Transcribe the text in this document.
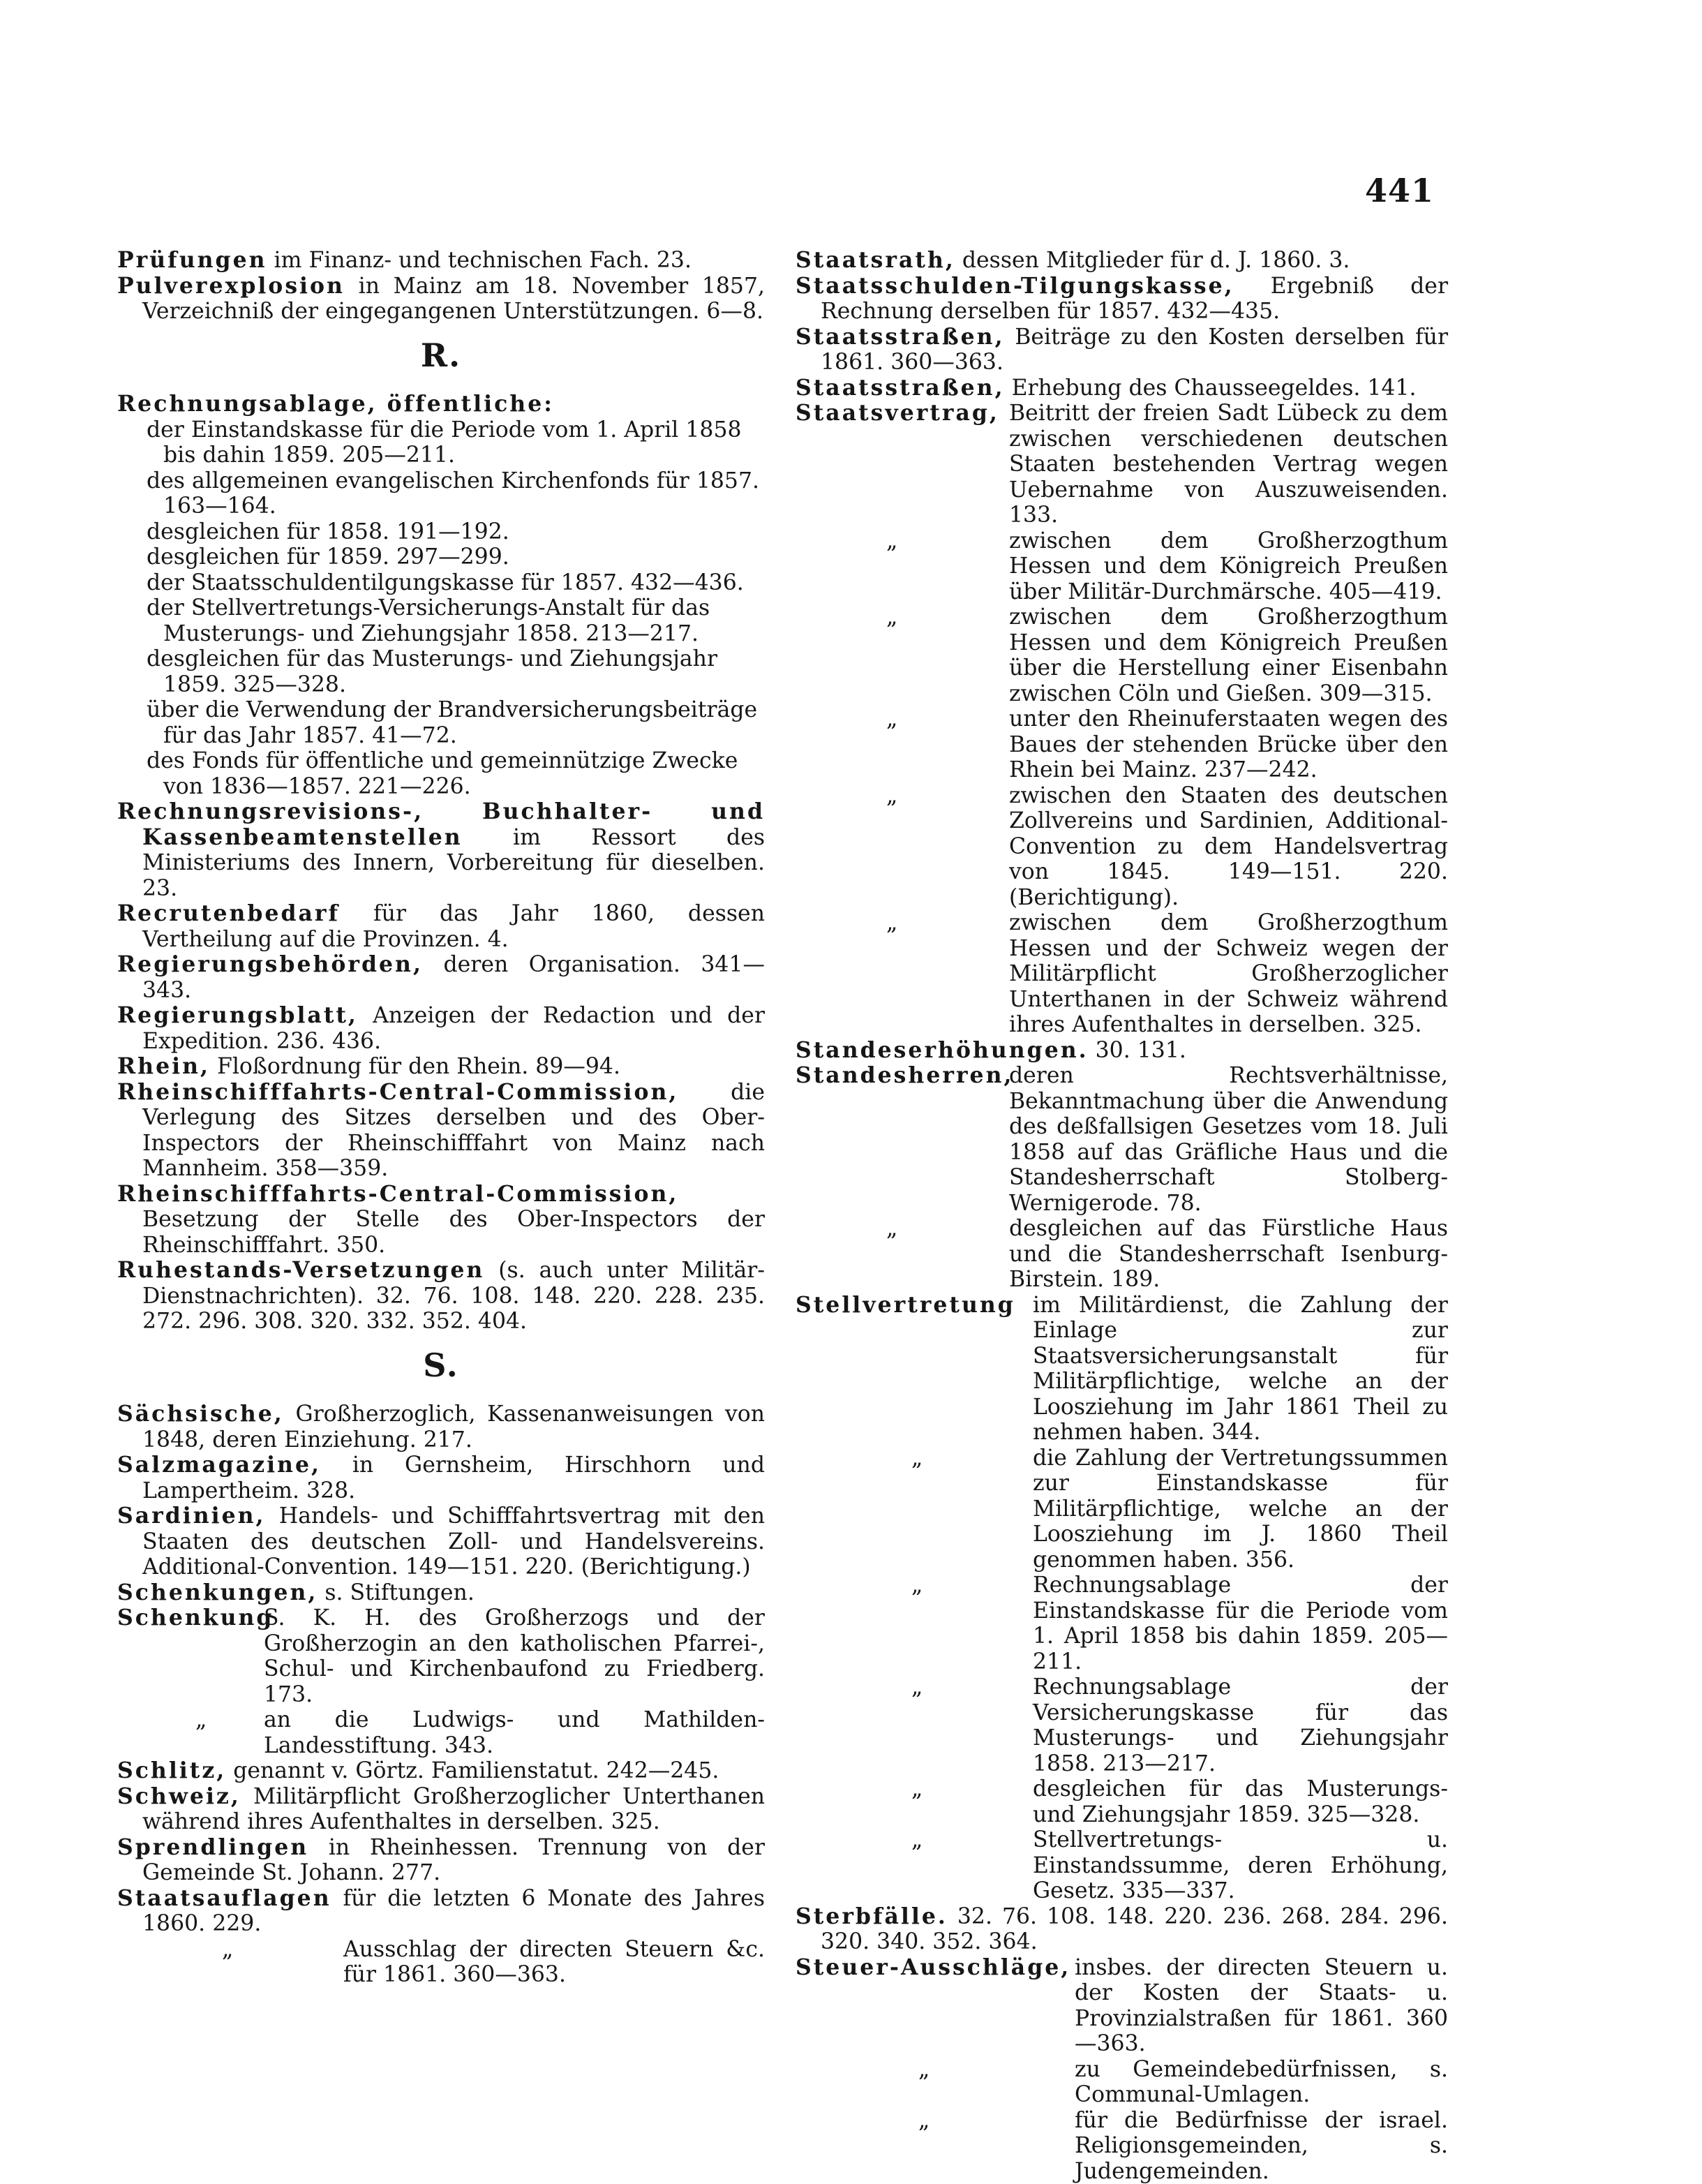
441

Prüfungen im Finanz- und technischen Fach. 23.

Pulverexplosion in Mainz am 18. November 1857, Verzeichniß der eingegangenen Unterstützungen. 6—8.

R.

Rechnungsablage, öffentliche:

der Einstandskasse für die Periode vom 1. April 1858 bis dahin 1859. 205—211.
des allgemeinen evangelischen Kirchenfonds für 1857. 163—164.
desgleichen für 1858. 191—192.
desgleichen für 1859. 297—299.
der Staatsschuldentilgungskasse für 1857. 432—436.
der Stellvertretungs-Versicherungs-Anstalt für das Musterungs- und Ziehungsjahr 1858. 213—217.
desgleichen für das Musterungs- und Ziehungsjahr 1859. 325—328.
über die Verwendung der Brandversicherungsbeiträge für das Jahr 1857. 41—72.
des Fonds für öffentliche und gemeinnützige Zwecke von 1836—1857. 221—226.

Rechnungsrevisions-, Buchhalter- und Kassenbeamtenstellen im Ressort des Ministeriums des Innern, Vorbereitung für dieselben. 23.

Recrutenbedarf für das Jahr 1860, dessen Vertheilung auf die Provinzen. 4.

Regierungsbehörden, deren Organisation. 341—343.

Regierungsblatt, Anzeigen der Redaction und der Expedition. 236. 436.

Rhein, Floßordnung für den Rhein. 89—94.

Rheinschifffahrts-Central-Commission, die Verlegung des Sitzes derselben und des Ober-Inspectors der Rheinschifffahrt von Mainz nach Mannheim. 358—359.

Rheinschifffahrts-Central-Commission, Besetzung der Stelle des Ober-Inspectors der Rheinschifffahrt. 350.

Ruhestands-Versetzungen (s. auch unter Militär-Dienstnachrichten). 32. 76. 108. 148. 220. 228. 235. 272. 296. 308. 320. 332. 352. 404.

S.

Sächsische, Großherzoglich, Kassenanweisungen von 1848, deren Einziehung. 217.

Salzmagazine, in Gernsheim, Hirschhorn und Lampertheim. 328.

Sardinien, Handels- und Schifffahrtsvertrag mit den Staaten des deutschen Zoll- und Handelsvereins. Additional-Convention. 149—151. 220. (Berichtigung.)

Schenkungen, s. Stiftungen.

Schenkung
S. K. H. des Großherzogs und der Großherzogin an den katholischen Pfarrei-, Schul- und Kirchenbaufond zu Friedberg. 173.

„	an die Ludwigs- und Mathilden-Landesstiftung. 343.

Schlitz, genannt v. Görtz. Familienstatut. 242—245.

Schweiz, Militärpflicht Großherzoglicher Unterthanen während ihres Aufenthaltes in derselben. 325.

Sprendlingen in Rheinhessen. Trennung von der Gemeinde St. Johann. 277.

Staatsauflagen für die letzten 6 Monate des Jahres 1860. 229.

„	Ausschlag der directen Steuern &c. für 1861. 360—363.

Staatsrath, dessen Mitglieder für d. J. 1860. 3.

Staatsschulden-Tilgungskasse, Ergebniß der Rechnung derselben für 1857. 432—435.

Staatsstraßen, Beiträge zu den Kosten derselben für 1861. 360—363.

Staatsstraßen, Erhebung des Chausseegeldes. 141.

Staatsvertrag, Beitritt der freien Sadt Lübeck zu dem zwischen verschiedenen deutschen Staaten bestehenden Vertrag wegen Uebernahme von Auszuweisenden. 133.

„	zwischen dem Großherzogthum Hessen und dem Königreich Preußen über Militär-Durchmärsche. 405—419.

„	zwischen dem Großherzogthum Hessen und dem Königreich Preußen über die Herstellung einer Eisenbahn zwischen Cöln und Gießen. 309—315.

„	unter den Rheinuferstaaten wegen des Baues der stehenden Brücke über den Rhein bei Mainz. 237—242.

„	zwischen den Staaten des deutschen Zollvereins und Sardinien, Additional-Convention zu dem Handelsvertrag von 1845. 149—151. 220. (Berichtigung).

„	zwischen dem Großherzogthum Hessen und der Schweiz wegen der Militärpflicht Großherzoglicher Unterthanen in der Schweiz während ihres Aufenthaltes in derselben. 325.

Standeserhöhungen. 30. 131.

Standesherren,
deren Rechtsverhältnisse, Bekanntmachung über die Anwendung des deßfallsigen Gesetzes vom 18. Juli 1858 auf das Gräfliche Haus und die Standesherrschaft Stolberg-Wernigerode. 78.

„	desgleichen auf das Fürstliche Haus und die Standesherrschaft Isenburg-Birstein. 189.

Stellvertretung im Militärdienst, die Zahlung der Einlage zur Staatsversicherungsanstalt für Militärpflichtige, welche an der Loosziehung im Jahr 1861 Theil zu nehmen haben. 344.

„	die Zahlung der Vertretungssummen zur Einstandskasse für Militärpflichtige, welche an der Loosziehung im J. 1860 Theil genommen haben. 356.

„	Rechnungsablage der Einstandskasse für die Periode vom 1. April 1858 bis dahin 1859. 205—211.

„	Rechnungsablage der Versicherungskasse für das Musterungs- und Ziehungsjahr 1858. 213—217.

„	desgleichen für das Musterungs- und Ziehungsjahr 1859. 325—328.

„	Stellvertretungs- u. Einstandssumme, deren Erhöhung, Gesetz. 335—337.

Sterbfälle. 32. 76. 108. 148. 220. 236. 268. 284. 296. 320. 340. 352. 364.

Steuer-Ausschläge, insbes. der directen Steuern u. der Kosten der Staats- u. Provinzialstraßen für 1861. 360—363.

„	zu Gemeindebedürfnissen, s. Communal-Umlagen.

„	für die Bedürfnisse der israel. Religionsgemeinden, s. Judengemeinden.
